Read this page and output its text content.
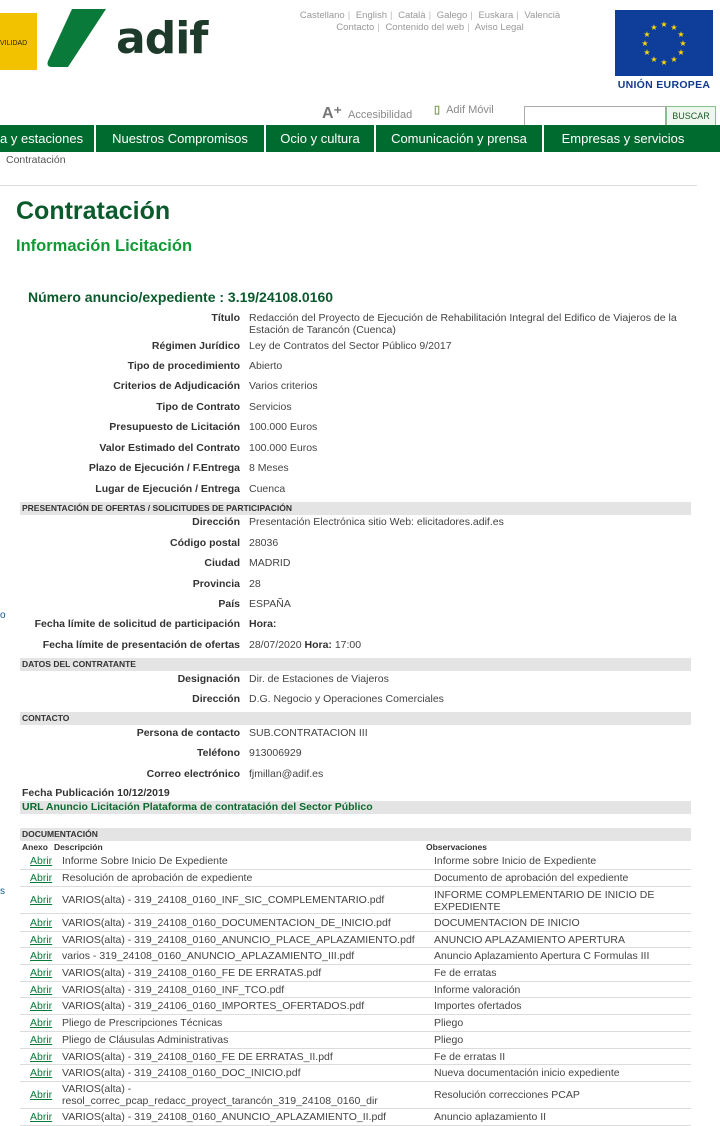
VILIDAD adif	Castellano | English | Català | Galego | Euskara | Valencià
Contacto | Contenido del web | Aviso Legal	★ ★
★
★
★
★
★
★
★
★
★
★
UNIÓN EUROPEA
A⁺ Accesibilidad ▯ Adif Móvil	BUSCAR
a y estaciones	Nuestros Compromisos	Ocio y cultura	Comunicación y prensa	Empresas y servicios
Contratación
Contratación
Información Licitación
Número anuncio/expediente : 3.19/24108.0160
o
s
Título Redacción del Proyecto de Ejecución de Rehabilitación Integral del Edifico de Viajeros de la Estación de Tarancón (Cuenca)
Régimen Jurídico Ley de Contratos del Sector Público 9/2017
Tipo de procedimiento Abierto
Criterios de Adjudicación Varios criterios
Tipo de Contrato Servicios
Presupuesto de Licitación 100.000 Euros
Valor Estimado del Contrato 100.000 Euros
Plazo de Ejecución / F.Entrega 8 Meses
Lugar de Ejecución / Entrega Cuenca
PRESENTACIÓN DE OFERTAS / SOLICITUDES DE PARTICIPACIÓN
Dirección Presentación Electrónica sitio Web: elicitadores.adif.es
Código postal 28036
Ciudad MADRID
Provincia 28
País ESPAÑA
Fecha límite de solicitud de participación Hora:
Fecha límite de presentación de ofertas 28/07/2020 Hora: 17:00
DATOS DEL CONTRATANTE
Designación Dir. de Estaciones de Viajeros
Dirección D.G. Negocio y Operaciones Comerciales
CONTACTO
Persona de contacto SUB.CONTRATACION III
Teléfono 913006929
Correo electrónico fjmillan@adif.es
Fecha Publicación 10/12/2019
URL Anuncio Licitación Plataforma de contratación del Sector Público
DOCUMENTACIÓN
Anexo Descripción	Observaciones
Abrir Informe Sobre Inicio De Expediente	Informe sobre Inicio de Expediente
Abrir Resolución de aprobación de expediente	Documento de aprobación del expediente
Abrir VARIOS(alta) - 319_24108_0160_INF_SIC_COMPLEMENTARIO.pdf	INFORME COMPLEMENTARIO DE INICIO DE EXPEDIENTE
Abrir VARIOS(alta) - 319_24108_0160_DOCUMENTACION_DE_INICIO.pdf	DOCUMENTACION DE INICIO
Abrir VARIOS(alta) - 319_24108_0160_ANUNCIO_PLACE_APLAZAMIENTO.pdf	ANUNCIO APLAZAMIENTO APERTURA
Abrir varios - 319_24108_0160_ANUNCIO_APLAZAMIENTO_III.pdf	Anuncio Aplazamiento Apertura C Formulas III
Abrir VARIOS(alta) - 319_24108_0160_FE DE ERRATAS.pdf	Fe de erratas
Abrir VARIOS(alta) - 319_24108_0160_INF_TCO.pdf	Informe valoración
Abrir VARIOS(alta) - 319_24106_0160_IMPORTES_OFERTADOS.pdf	Importes ofertados
Abrir Pliego de Prescripciones Técnicas	Pliego
Abrir Pliego de Cláusulas Administrativas	Pliego
Abrir VARIOS(alta) - 319_24108_0160_FE DE ERRATAS_II.pdf	Fe de erratas II
Abrir VARIOS(alta) - 319_24108_0160_DOC_INICIO.pdf	Nueva documentación inicio expediente
Abrir VARIOS(alta) - resol_correc_pcap_redacc_proyect_tarancón_319_24108_0160_dir	Resolución correcciones PCAP
Abrir VARIOS(alta) - 319_24108_0160_ANUNCIO_APLAZAMIENTO_II.pdf	Anuncio aplazamiento II
